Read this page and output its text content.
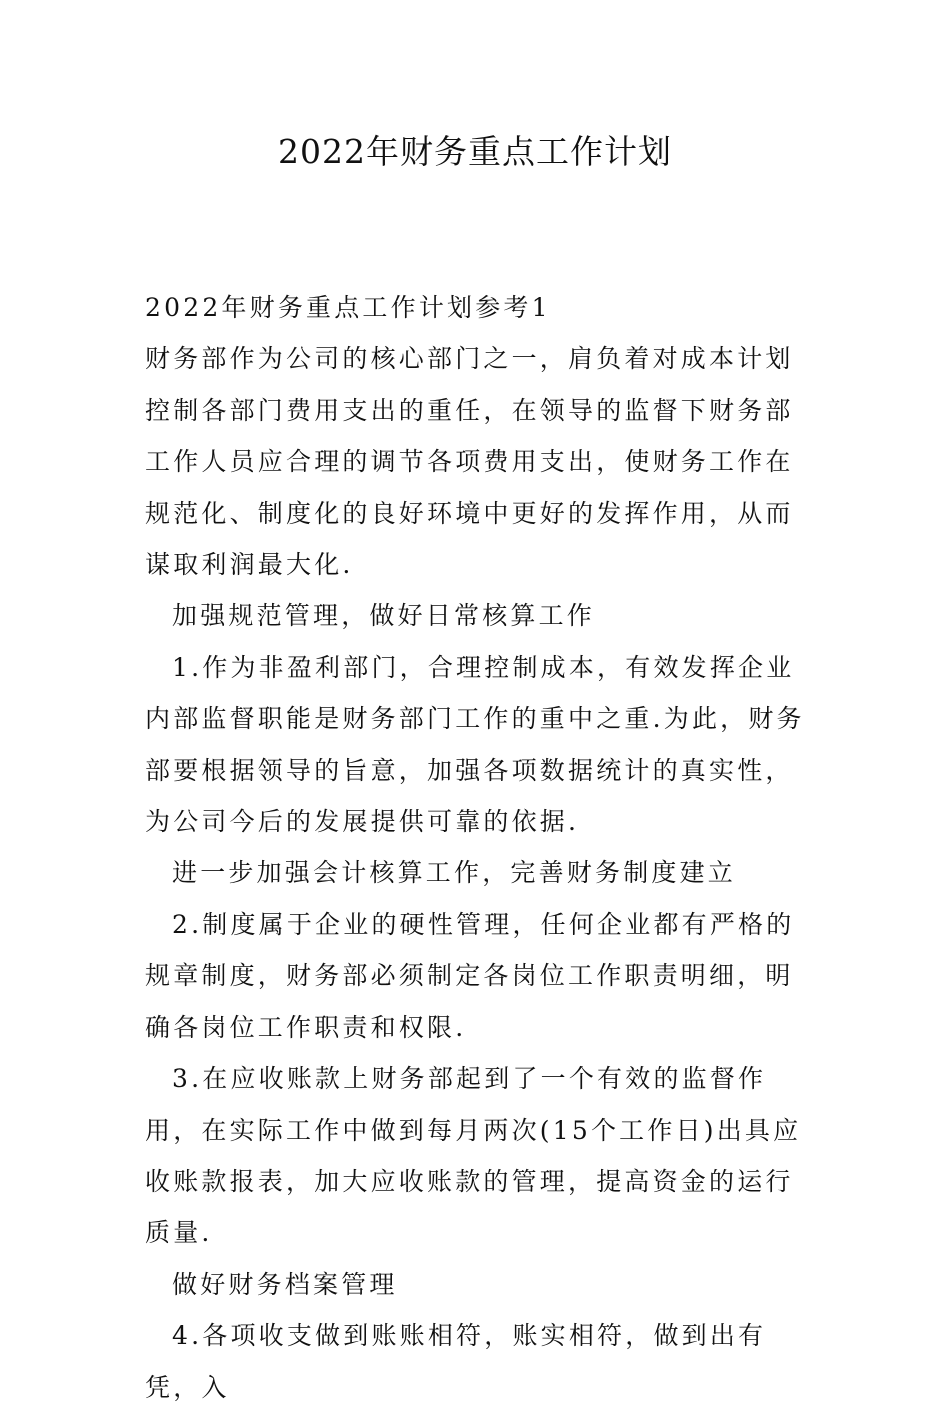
2022年财务重点工作计划

2022年财务重点工作计划参考1

财务部作为公司的核心部门之一，肩负着对成本计划控制各部门费用支出的重任，在领导的监督下财务部工作人员应合理的调节各项费用支出，使财务工作在规范化、制度化的良好环境中更好的发挥作用，从而谋取利润最大化.

加强规范管理，做好日常核算工作

1.作为非盈利部门，合理控制成本，有效发挥企业内部监督职能是财务部门工作的重中之重.为此，财务部要根据领导的旨意，加强各项数据统计的真实性，为公司今后的发展提供可靠的依据.

进一步加强会计核算工作，完善财务制度建立

2.制度属于企业的硬性管理，任何企业都有严格的规章制度，财务部必须制定各岗位工作职责明细，明确各岗位工作职责和权限.

3.在应收账款上财务部起到了一个有效的监督作用，在实际工作中做到每月两次(15个工作日)出具应收账款报表，加大应收账款的管理，提高资金的运行质量.

做好财务档案管理

4.各项收支做到账账相符，账实相符，做到出有凭，入
